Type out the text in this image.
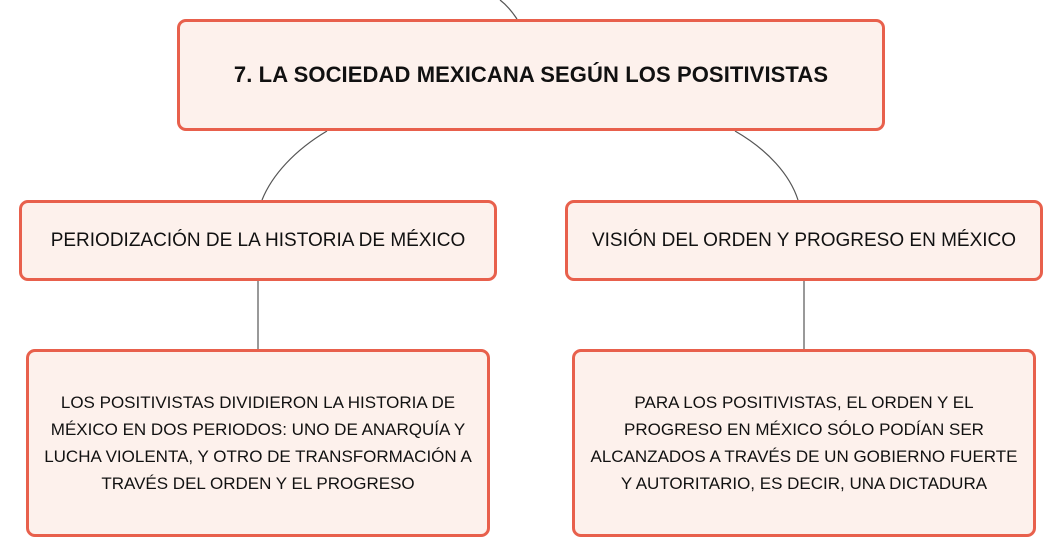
7. LA SOCIEDAD MEXICANA SEGÚN LOS POSITIVISTAS
PERIODIZACIÓN DE LA HISTORIA DE MÉXICO	VISIÓN DEL ORDEN Y PROGRESO EN MÉXICO
LOS POSITIVISTAS DIVIDIERON LA HISTORIA DE MÉXICO EN DOS PERIODOS: UNO DE ANARQUÍA Y LUCHA VIOLENTA, Y OTRO DE TRANSFORMACIÓN A TRAVÉS DEL ORDEN Y EL PROGRESO
PARA LOS POSITIVISTAS, EL ORDEN Y EL PROGRESO EN MÉXICO SÓLO PODÍAN SER ALCANZADOS A TRAVÉS DE UN GOBIERNO FUERTE Y AUTORITARIO, ES DECIR, UNA DICTADURA
